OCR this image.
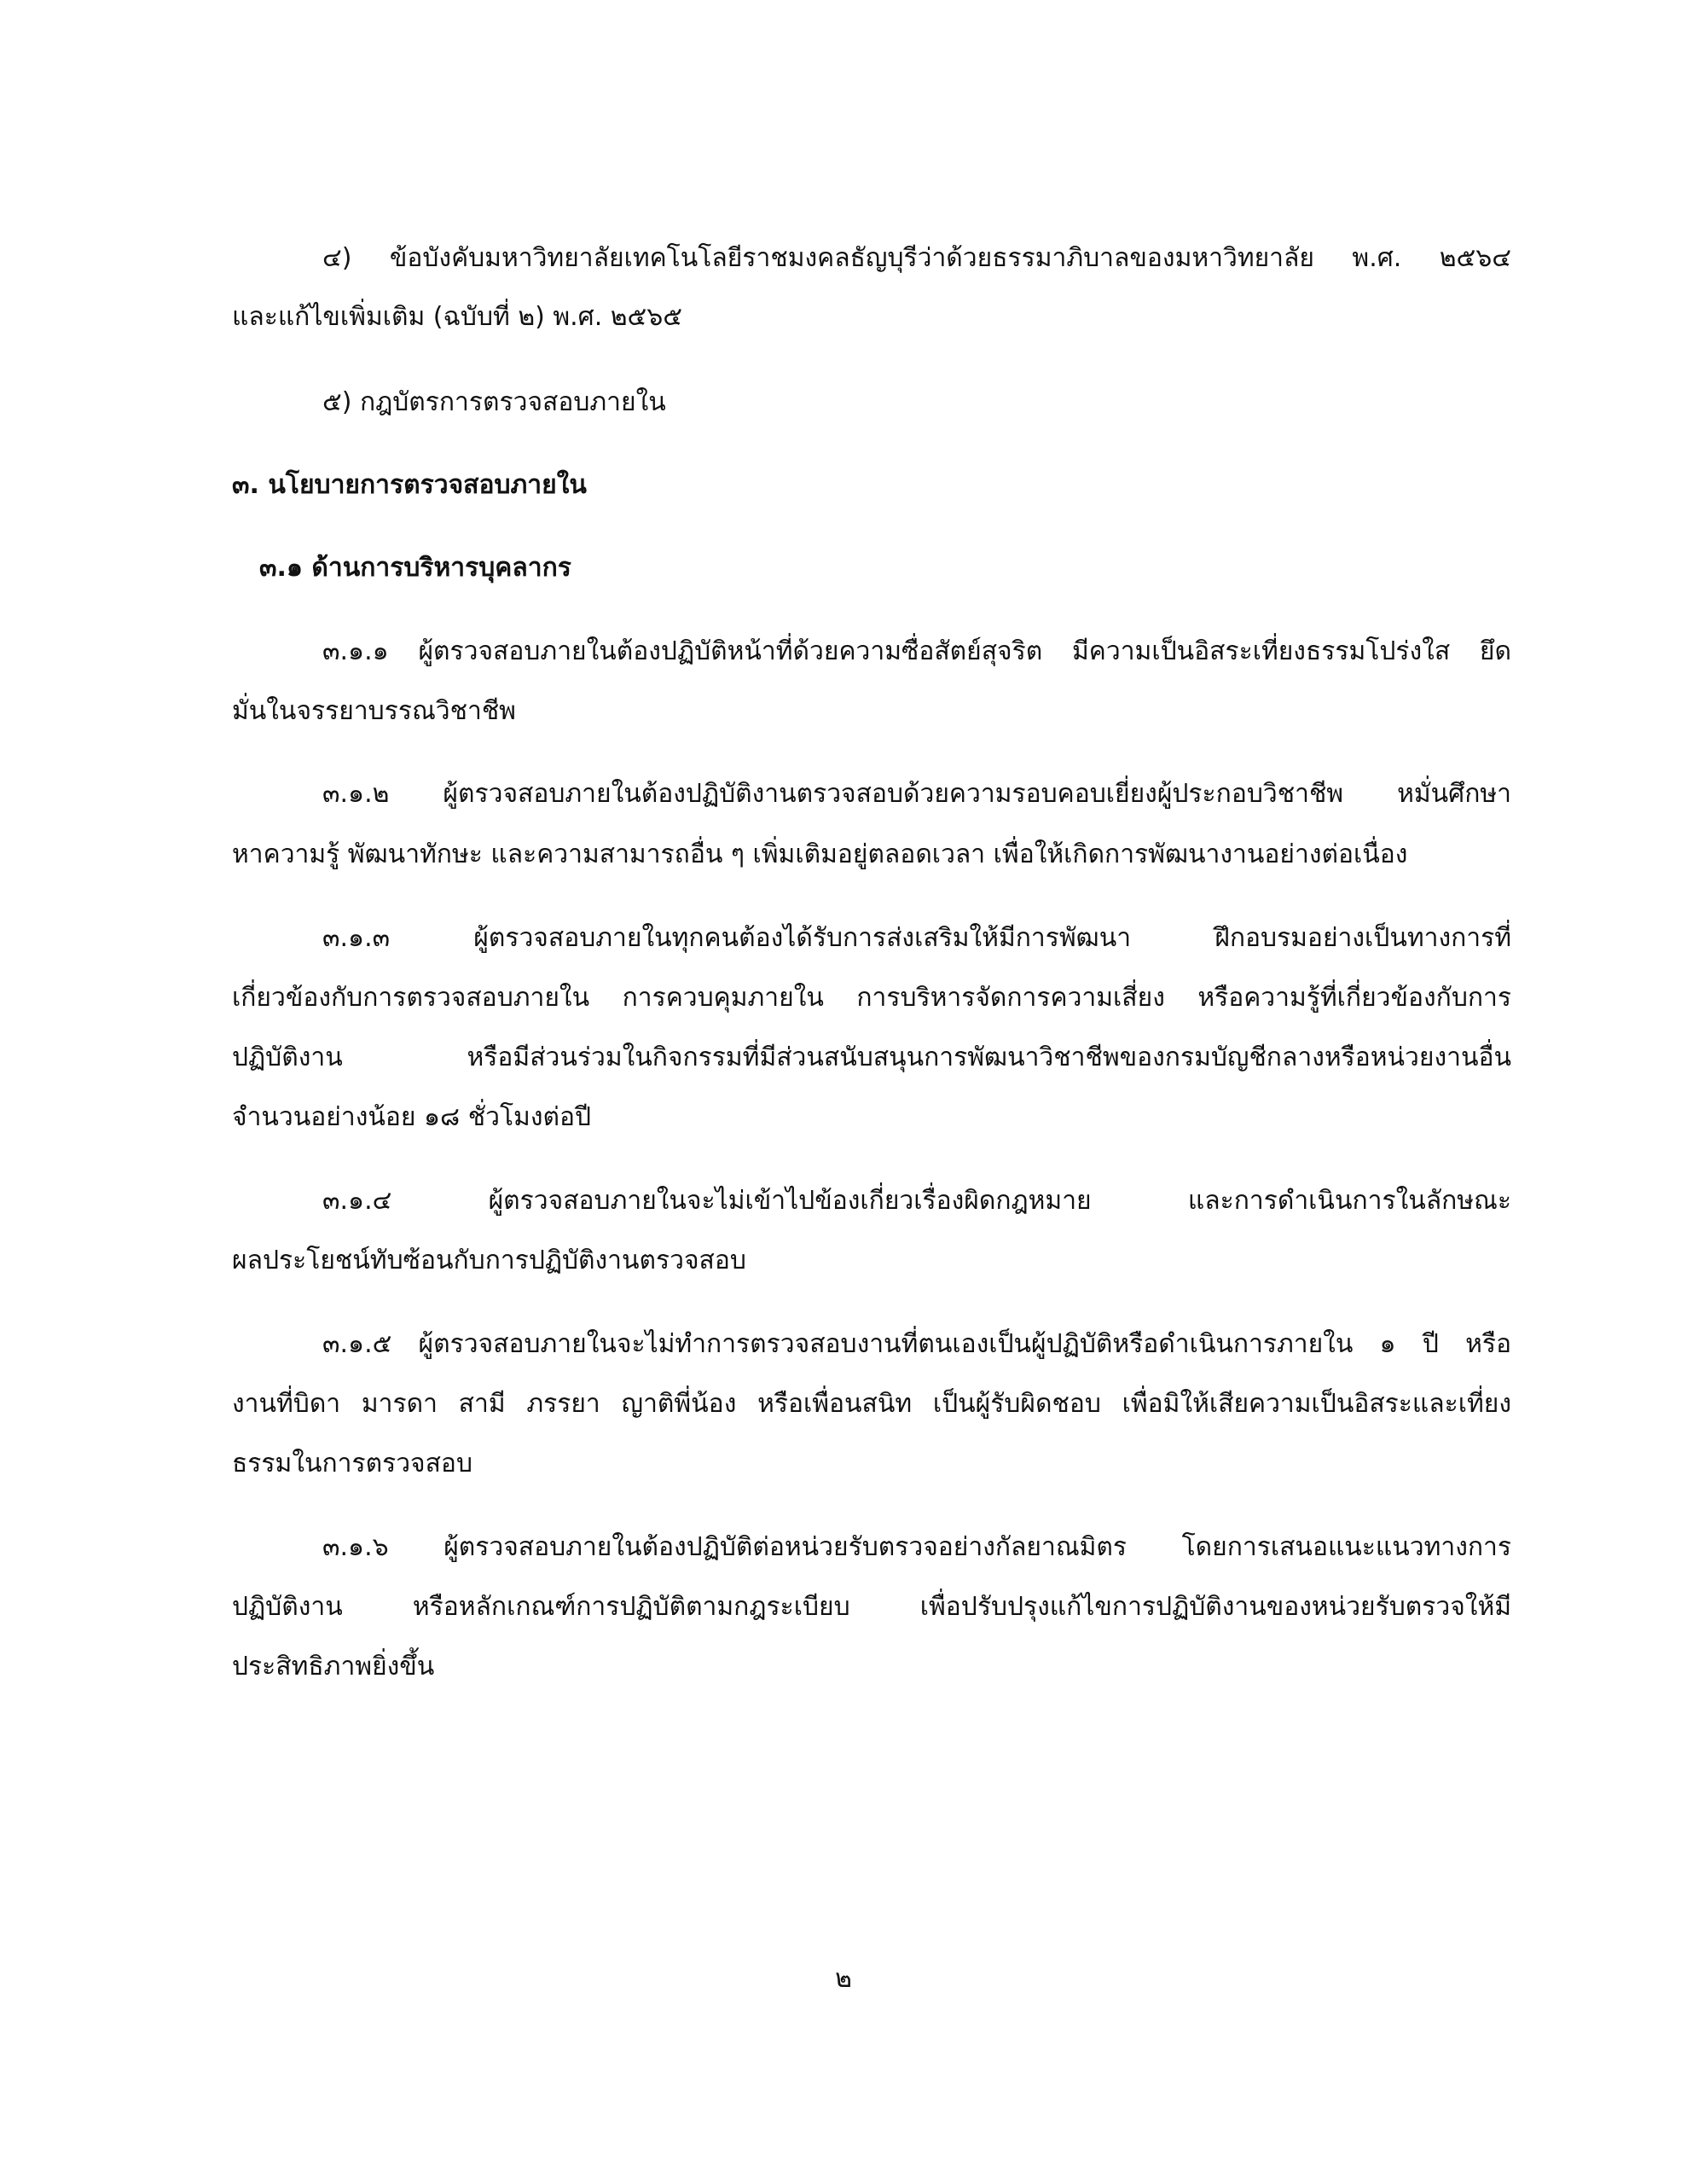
๔) ข้อบังคับมหาวิทยาลัยเทคโนโลยีราชมงคลธัญบุรีว่าด้วยธรรมาภิบาลของมหาวิทยาลัย พ.ศ. ๒๕๖๔
และแก้ไขเพิ่มเติม (ฉบับที่ ๒) พ.ศ. ๒๕๖๕
๕) กฎบัตรการตรวจสอบภายใน
๓. นโยบายการตรวจสอบภายใน
๓.๑ ด้านการบริหารบุคลากร
๓.๑.๑ ผู้ตรวจสอบภายในต้องปฏิบัติหน้าที่ด้วยความซื่อสัตย์สุจริต มีความเป็นอิสระเที่ยงธรรมโปร่งใส ยึด
มั่นในจรรยาบรรณวิชาชีพ
๓.๑.๒ ผู้ตรวจสอบภายในต้องปฏิบัติงานตรวจสอบด้วยความรอบคอบเยี่ยงผู้ประกอบวิชาชีพ หมั่นศึกษา
หาความรู้ พัฒนาทักษะ และความสามารถอื่น ๆ เพิ่มเติมอยู่ตลอดเวลา เพื่อให้เกิดการพัฒนางานอย่างต่อเนื่อง
๓.๑.๓ ผู้ตรวจสอบภายในทุกคนต้องได้รับการส่งเสริมให้มีการพัฒนา ฝึกอบรมอย่างเป็นทางการที่
เกี่ยวข้องกับการตรวจสอบภายใน การควบคุมภายใน การบริหารจัดการความเสี่ยง หรือความรู้ที่เกี่ยวข้องกับการ
ปฏิบัติงาน หรือมีส่วนร่วมในกิจกรรมที่มีส่วนสนับสนุนการพัฒนาวิชาชีพของกรมบัญชีกลางหรือหน่วยงานอื่น
จำนวนอย่างน้อย ๑๘ ชั่วโมงต่อปี
๓.๑.๔ ผู้ตรวจสอบภายในจะไม่เข้าไปข้องเกี่ยวเรื่องผิดกฎหมาย และการดำเนินการในลักษณะ
ผลประโยชน์ทับซ้อนกับการปฏิบัติงานตรวจสอบ
๓.๑.๕ ผู้ตรวจสอบภายในจะไม่ทำการตรวจสอบงานที่ตนเองเป็นผู้ปฏิบัติหรือดำเนินการภายใน ๑ ปี หรือ
งานที่บิดา มารดา สามี ภรรยา ญาติพี่น้อง หรือเพื่อนสนิท เป็นผู้รับผิดชอบ เพื่อมิให้เสียความเป็นอิสระและเที่ยง
ธรรมในการตรวจสอบ
๓.๑.๖ ผู้ตรวจสอบภายในต้องปฏิบัติต่อหน่วยรับตรวจอย่างกัลยาณมิตร โดยการเสนอแนะแนวทางการ
ปฏิบัติงาน หรือหลักเกณฑ์การปฏิบัติตามกฎระเบียบ เพื่อปรับปรุงแก้ไขการปฏิบัติงานของหน่วยรับตรวจให้มี
ประสิทธิภาพยิ่งขึ้น
๒
